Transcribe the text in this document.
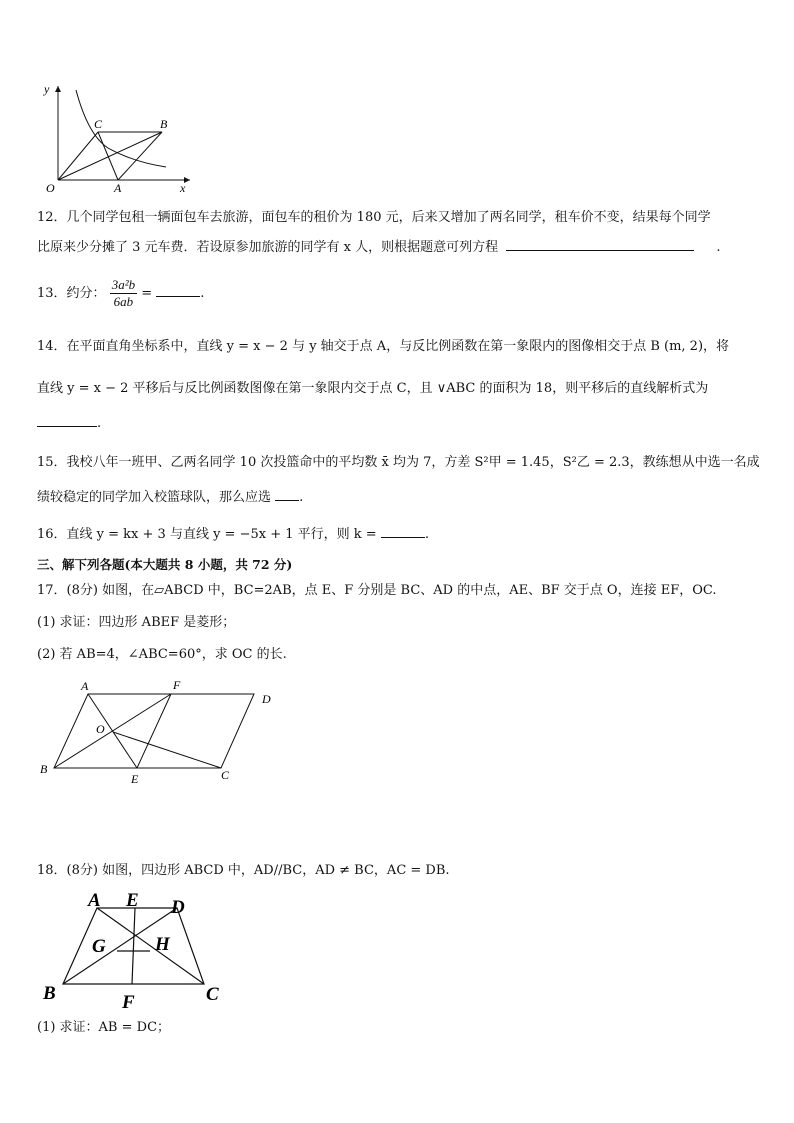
y
x
O	A
C	B
12．几个同学包租一辆面包车去旅游，面包车的租价为 180 元，后来又增加了两名同学，租车价不变，结果每个同学
比原来少分摊了 3 元车费．若设原参加旅游的同学有 x 人，则根据题意可列方程	.
13．约分： $\frac{\text{3a²b}}{6ab}$ =	.
14．在平面直角坐标系中，直线 y = x − 2 与 y 轴交于点 A，与反比例函数在第一象限内的图像相交于点 B (m, 2)，将
直线 y = x − 2 平移后与反比例函数图像在第一象限内交于点 C，且 ∨ABC 的面积为 18，则平移后的直线解析式为
.
15．我校八年一班甲、乙两名同学 10 次投篮命中的平均数 x̄ 均为 7，方差 S²甲 = 1.45，S²乙 = 2.3，教练想从中选一名成
绩较稳定的同学加入校篮球队，那么应选 .
16．直线 y = kx + 3 与直线 y = −5x + 1 平行，则 k =	.
三、解下列各题(本大题共 8 小题，共 72 分)
17．(8分) 如图，在▱ABCD 中，BC=2AB，点 E、F 分别是 BC、AD 的中点，AE、BF 交于点 O，连接 EF，OC.
(1) 求证：四边形 ABEF 是菱形；
(2) 若 AB=4，∠ABC=60°，求 OC 的长.
A	F
D
O
B
E	C
18．(8分) 如图，四边形 ABCD 中，AD//BC，AD ≠ BC，AC = DB.
A E D
G	H
B	F	C
(1) 求证：AB = DC；
